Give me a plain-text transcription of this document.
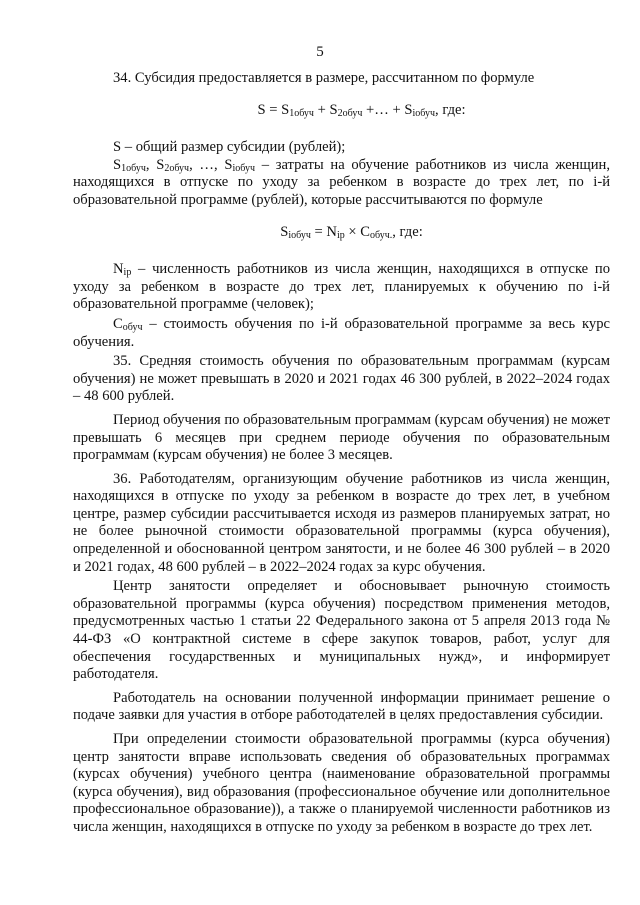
5

34. Субсидия предоставляется в размере, рассчитанном по формуле

$S = S_{1обуч} + S_{2обуч}$ +… + $S_{iобуч}$, где:

S – общий размер субсидии (рублей);

$S_{1обуч}$, $S_{2обуч}$, …, $S_{iобуч}$ – затраты на обучение работников из числа женщин, находящихся в отпуске по уходу за ребенком в возрасте до трех лет, по i-й образовательной программе (рублей), которые рассчитываются по формуле

$S_{iобуч} = N_{ip} \times C_{обуч.}$, где:

$N_{ip}$ – численность работников из числа женщин, находящихся в отпуске по уходу за ребенком в возрасте до трех лет, планируемых к обучению по i-й образовательной программе (человек);

$C_{обуч}$ – стоимость обучения по i-й образовательной программе за весь курс обучения.

35. Средняя стоимость обучения по образовательным программам (курсам обучения) не может превышать в 2020 и 2021 годах 46 300 рублей, в 2022–2024 годах – 48 600 рублей.

Период обучения по образовательным программам (курсам обучения) не может превышать 6 месяцев при среднем периоде обучения по образовательным программам (курсам обучения) не более 3 месяцев.

36. Работодателям, организующим обучение работников из числа женщин, находящихся в отпуске по уходу за ребенком в возрасте до трех лет, в учебном центре, размер субсидии рассчитывается исходя из размеров планируемых затрат, но не более рыночной стоимости образовательной программы (курса обучения), определенной и обоснованной центром занятости, и не более 46 300 рублей – в 2020 и 2021 годах, 48 600 рублей – в 2022–2024 годах за курс обучения.

Центр занятости определяет и обосновывает рыночную стоимость образовательной программы (курса обучения) посредством применения методов, предусмотренных частью 1 статьи 22 Федерального закона от 5 апреля 2013 года № 44-ФЗ «О контрактной системе в сфере закупок товаров, работ, услуг для обеспечения государственных и муниципальных нужд», и информирует работодателя.

Работодатель на основании полученной информации принимает решение о подаче заявки для участия в отборе работодателей в целях предоставления субсидии.

При определении стоимости образовательной программы (курса обучения) центр занятости вправе использовать сведения об образовательных программах (курсах обучения) учебного центра (наименование образовательной программы (курса обучения), вид образования (профессиональное обучение или дополнительное профессиональное образование)), а также о планируемой численности работников из числа женщин, находящихся в отпуске по уходу за ребенком в возрасте до трех лет.
